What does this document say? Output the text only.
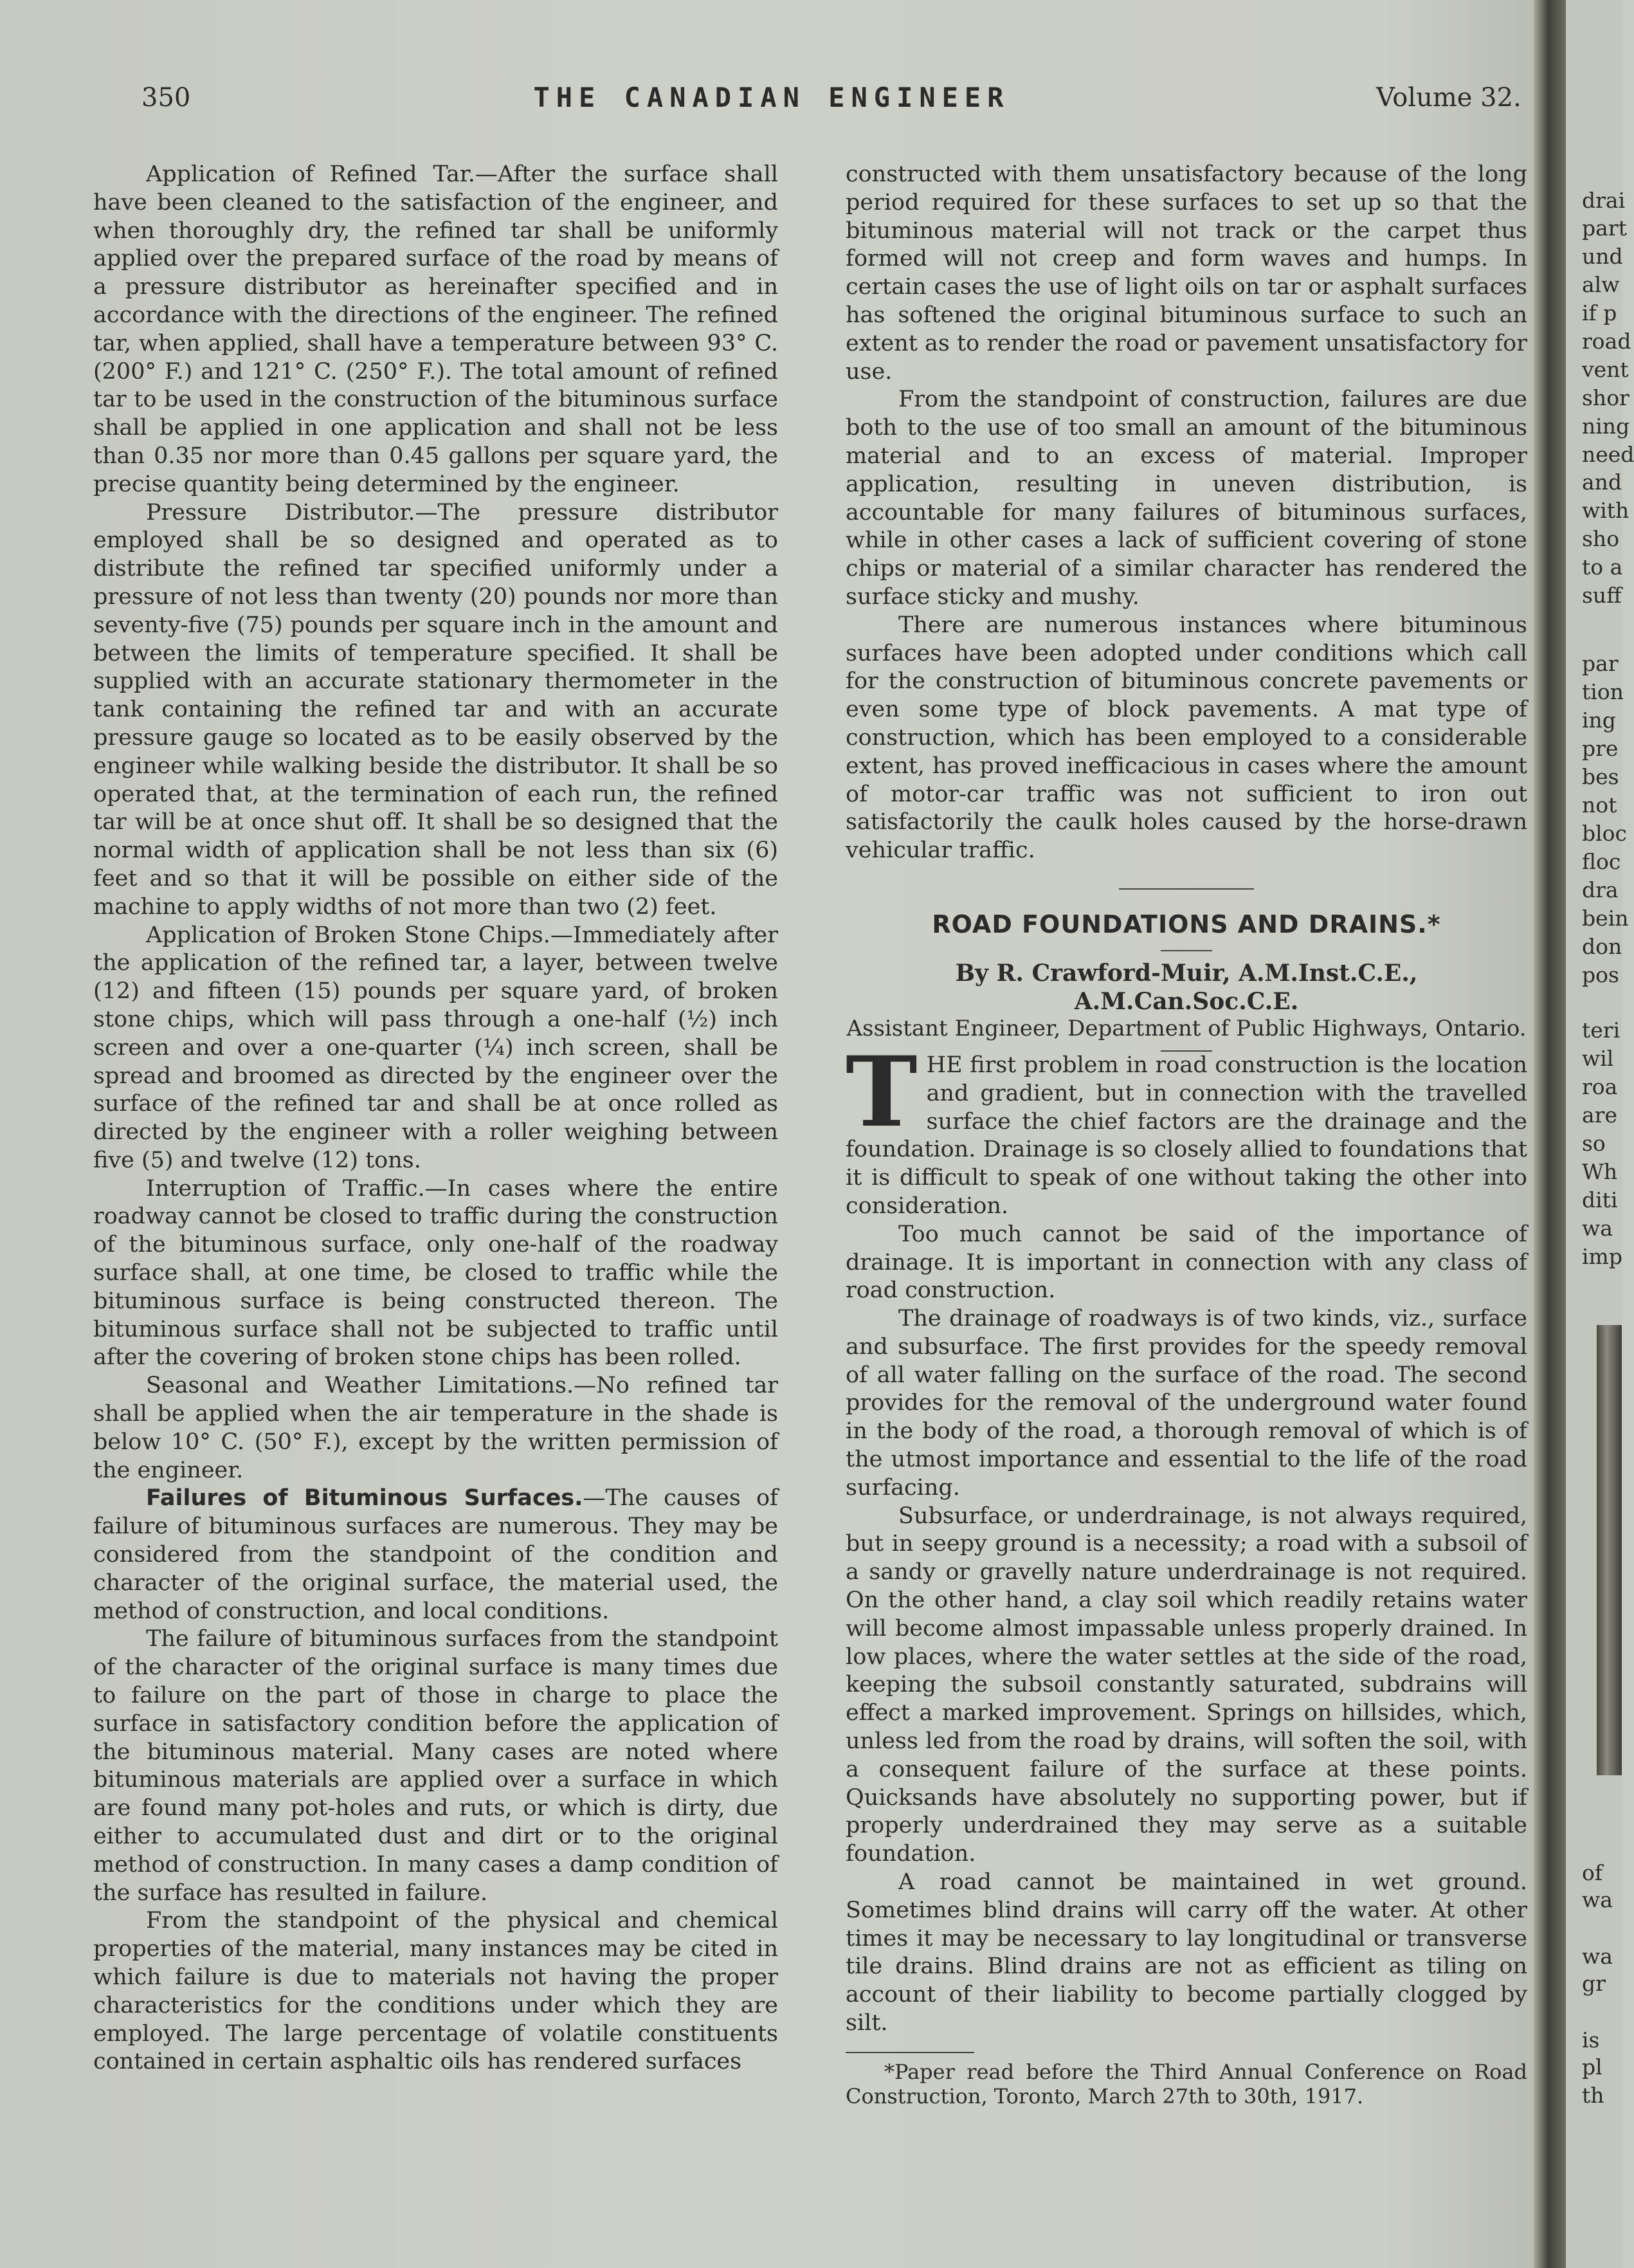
350	THE CANADIAN ENGINEER	Volume 32.

Application of Refined Tar.—After the surface shall have been cleaned to the satisfaction of the engineer, and when thoroughly dry, the refined tar shall be uniformly applied over the prepared surface of the road by means of a pressure distributor as hereinafter specified and in accordance with the directions of the engineer. The refined tar, when applied, shall have a temperature between 93° C. (200° F.) and 121° C. (250° F.). The total amount of refined tar to be used in the construction of the bituminous surface shall be applied in one application and shall not be less than 0.35 nor more than 0.45 gallons per square yard, the precise quantity being determined by the engineer.

Pressure Distributor.—The pressure distributor employed shall be so designed and operated as to distribute the refined tar specified uniformly under a pressure of not less than twenty (20) pounds nor more than seventy-five (75) pounds per square inch in the amount and between the limits of temperature specified. It shall be supplied with an accurate stationary thermometer in the tank containing the refined tar and with an accurate pressure gauge so located as to be easily observed by the engineer while walking beside the distributor. It shall be so operated that, at the termination of each run, the refined tar will be at once shut off. It shall be so designed that the normal width of application shall be not less than six (6) feet and so that it will be possible on either side of the machine to apply widths of not more than two (2) feet.

Application of Broken Stone Chips.—Immediately after the application of the refined tar, a layer, between twelve (12) and fifteen (15) pounds per square yard, of broken stone chips, which will pass through a one-half (½) inch screen and over a one-quarter (¼) inch screen, shall be spread and broomed as directed by the engineer over the surface of the refined tar and shall be at once rolled as directed by the engineer with a roller weighing between five (5) and twelve (12) tons.

Interruption of Traffic.—In cases where the entire roadway cannot be closed to traffic during the construction of the bituminous surface, only one-half of the roadway surface shall, at one time, be closed to traffic while the bituminous surface is being constructed thereon. The bituminous surface shall not be subjected to traffic until after the covering of broken stone chips has been rolled.

Seasonal and Weather Limitations.—No refined tar shall be applied when the air temperature in the shade is below 10° C. (50° F.), except by the written permission of the engineer.

Failures of Bituminous Surfaces.—The causes of failure of bituminous surfaces are numerous. They may be considered from the standpoint of the condition and character of the original surface, the material used, the method of construction, and local conditions.

The failure of bituminous surfaces from the standpoint of the character of the original surface is many times due to failure on the part of those in charge to place the surface in satisfactory condition before the application of the bituminous material. Many cases are noted where bituminous materials are applied over a surface in which are found many pot-holes and ruts, or which is dirty, due either to accumulated dust and dirt or to the original method of construction. In many cases a damp condition of the surface has resulted in failure.

From the standpoint of the physical and chemical properties of the material, many instances may be cited in which failure is due to materials not having the proper characteristics for the conditions under which they are employed. The large percentage of volatile constituents contained in certain asphaltic oils has rendered surfaces

constructed with them unsatisfactory because of the long period required for these surfaces to set up so that the bituminous material will not track or the carpet thus formed will not creep and form waves and humps. In certain cases the use of light oils on tar or asphalt surfaces has softened the original bituminous surface to such an extent as to render the road or pavement unsatisfactory for use.

From the standpoint of construction, failures are due both to the use of too small an amount of the bituminous material and to an excess of material. Improper application, resulting in uneven distribution, is accountable for many failures of bituminous surfaces, while in other cases a lack of sufficient covering of stone chips or material of a similar character has rendered the surface sticky and mushy.

There are numerous instances where bituminous surfaces have been adopted under conditions which call for the construction of bituminous concrete pavements or even some type of block pavements. A mat type of construction, which has been employed to a considerable extent, has proved inefficacious in cases where the amount of motor-car traffic was not sufficient to iron out satisfactorily the caulk holes caused by the horse-drawn vehicular traffic.

ROAD FOUNDATIONS AND DRAINS.*
By R. Crawford-Muir, A.M.Inst.C.E., A.M.Can.Soc.C.E.
Assistant Engineer, Department of Public Highways, Ontario.

THE first problem in road construction is the location and gradient, but in connection with the travelled surface the chief factors are the drainage and the foundation. Drainage is so closely allied to foundations that it is difficult to speak of one without taking the other into consideration.

Too much cannot be said of the importance of drainage. It is important in connection with any class of road construction.

The drainage of roadways is of two kinds, viz., surface and subsurface. The first provides for the speedy removal of all water falling on the surface of the road. The second provides for the removal of the underground water found in the body of the road, a thorough removal of which is of the utmost importance and essential to the life of the road surfacing.

Subsurface, or underdrainage, is not always required, but in seepy ground is a necessity; a road with a subsoil of a sandy or gravelly nature underdrainage is not required. On the other hand, a clay soil which readily retains water will become almost impassable unless properly drained. In low places, where the water settles at the side of the road, keeping the subsoil constantly saturated, subdrains will effect a marked improvement. Springs on hillsides, which, unless led from the road by drains, will soften the soil, with a consequent failure of the surface at these points. Quicksands have absolutely no supporting power, but if properly underdrained they may serve as a suitable foundation.

A road cannot be maintained in wet ground. Sometimes blind drains will carry off the water. At other times it may be necessary to lay longitudinal or transverse tile drains. Blind drains are not as efficient as tiling on account of their liability to become partially clogged by silt.

*Paper read before the Third Annual Conference on Road Construction, Toronto, March 27th to 30th, 1917.

drai
part
und
alw
if p
road
vent
shor
ning
need
and
with
sho
to a
suff
par
tion
ing
pre
bes
not
bloc
floc
dra
bein
don
pos
teri
wil
roa
are
so
Wh
diti
wa
imp
of
wa
wa
gr
is
pl
th
